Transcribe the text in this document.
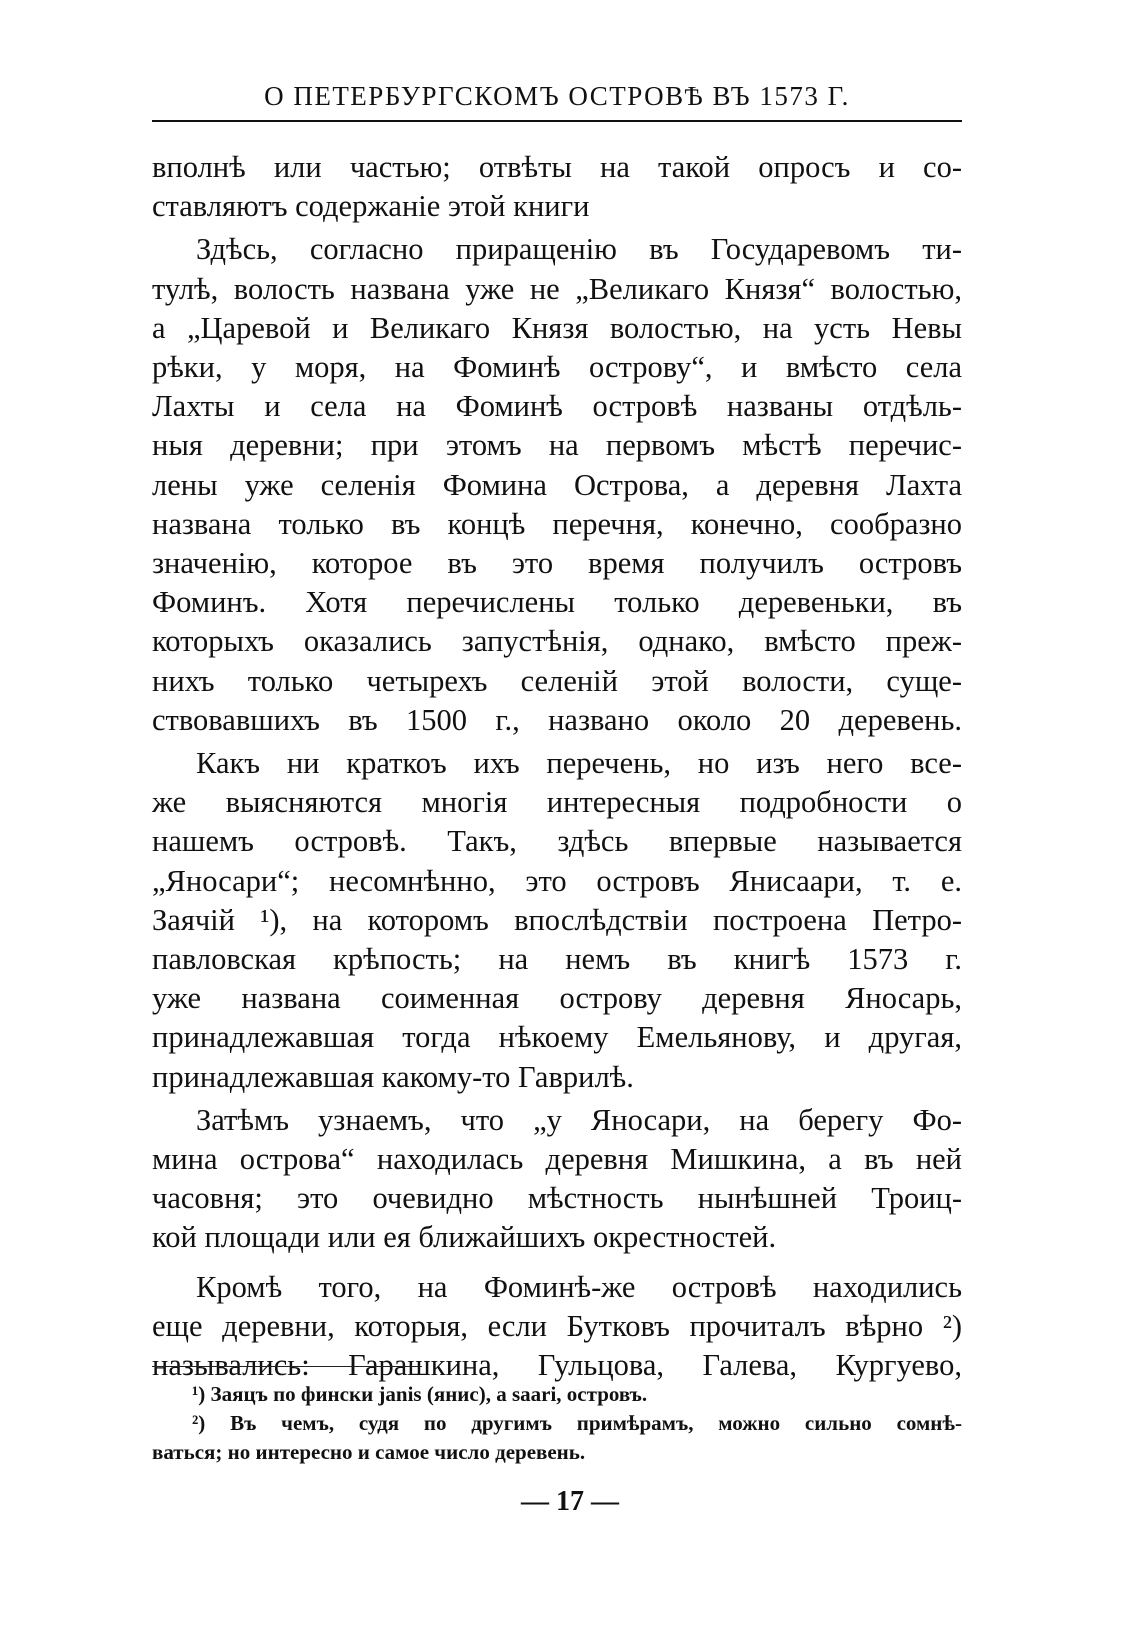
О ПЕТЕРБУРГСКОМЪ ОСТРОВѢ ВЪ 1573 Г.

вполнѣ или частью; отвѣты на такой опросъ и со-
ставляютъ содержаніе этой книги

Здѣсь, согласно приращенію въ Государевомъ ти-
тулѣ, волость названа уже не „Великаго Князя“ волостью,
а „Царевой и Великаго Князя волостью, на усть Невы
рѣки, у моря, на Фоминѣ острову“, и вмѣсто села
Лахты и села на Фоминѣ островѣ названы отдѣль-
ныя деревни; при этомъ на первомъ мѣстѣ перечис-
лены уже селенія Фомина Острова, а деревня Лахта
названа только въ концѣ перечня, конечно, сообразно
значенію, которое въ это время получилъ островъ
Фоминъ. Хотя перечислены только деревеньки, въ
которыхъ оказались запустѣнія, однако, вмѣсто преж-
нихъ только четырехъ селеній этой волости, суще-
ствовавшихъ въ 1500 г., названо около 20 деревень.

Какъ ни краткоъ ихъ перечень, но изъ него все-
же выясняются многія интересныя подробности о
нашемъ островѣ. Такъ, здѣсь впервые называется
„Яносари“; несомнѣнно, это островъ Янисаари, т. е.
Заячій ¹), на которомъ впослѣдствіи построена Петро-
павловская крѣпость; на немъ въ книгѣ 1573 г.
уже названа соименная острову деревня Яносарь,
принадлежавшая тогда нѣкоему Емельянову, и другая,
принадлежавшая какому-то Гаврилѣ.

Затѣмъ узнаемъ, что „у Яносари, на берегу Фо-
мина острова“ находилась деревня Мишкина, а въ ней
часовня; это очевидно мѣстность нынѣшней Троиц-
кой площади или ея ближайшихъ окрестностей.

Кромѣ того, на Фоминѣ-же островѣ находились
еще деревни, которыя, если Бутковъ прочиталъ вѣрно ²)
назывались: Гарашкина, Гульцова, Галева, Кургуево,

¹) Заяцъ по фински janis (янис), а saari, островъ.
²) Въ чемъ, судя по другимъ примѣрамъ, можно сильно сомнѣ-
ваться; но интересно и самое число деревень.
— 17 —
